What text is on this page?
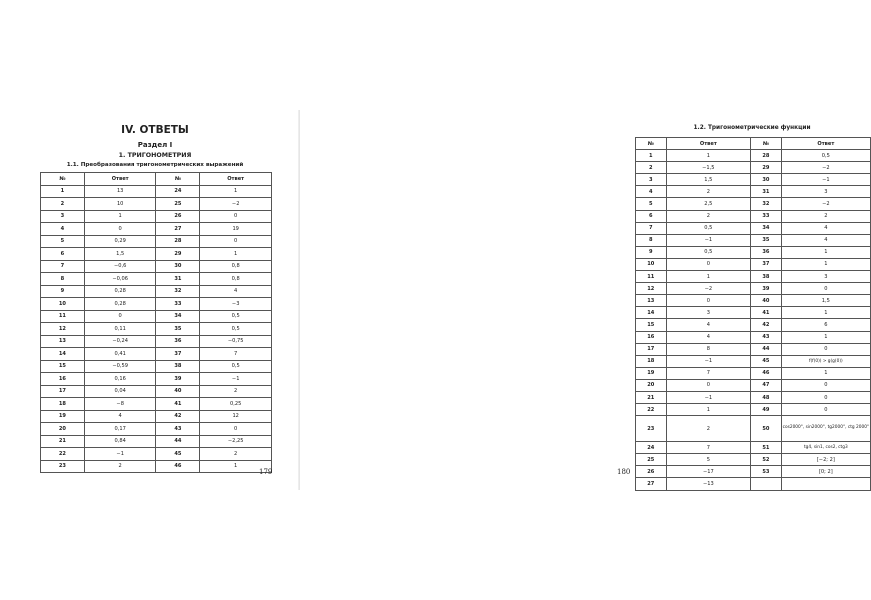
IV. ОТВЕТЫ
Раздел I
1. ТРИГОНОМЕТРИЯ
1.1. Преобразования тригонометрических выражений
№	Ответ	№	Ответ
1	13	24	1
2	10	25	−2
3	1	26	0
4	0	27	19
5	0,29	28	0
6	1,5	29	1
7	−0,6	30	0,8
8	−0,06	31	0,8
9	0,28	32	4
10	0,28	33	−3
11	0	34	0,5
12	0,11	35	0,5
13	−0,24	36	−0,75
14	0,41	37	7
15	−0,59	38	0,5
16	0,16	39	−1
17	0,04	40	2
18	−8	41	0,25
19	4	42	12
20	0,17	43	0
21	0,84	44	−2,25
22	−1	45	2
23	2	46	1
179
1.2. Тригонометрические функции
№	Ответ	№	Ответ
1	1	28	0,5
2	−1,5	29	−2
3	1,5	30	−1
4	2	31	3
5	2,5	32	−2
6	2	33	2
7	0,5	34	4
8	−1	35	4
9	0,5	36	1
10	0	37	1
11	1	38	3
12	−2	39	0
13	0	40	1,5
14	3	41	1
15	4	42	6
16	4	43	1
17	8	44	0
18	−1	45	f(f(0)) > g(g(0))
19	7	46	1
20	0	47	0
21	−1	48	0
22	1	49	0
23	2	50	cos2000°, sin2000°, tg2000°, ctg 2000°
24	7	51	tg4, sin1, cos2, ctg3
25	5	52	[−2; 2]
26	−17	53	[0; 2]
27	−13		
180
